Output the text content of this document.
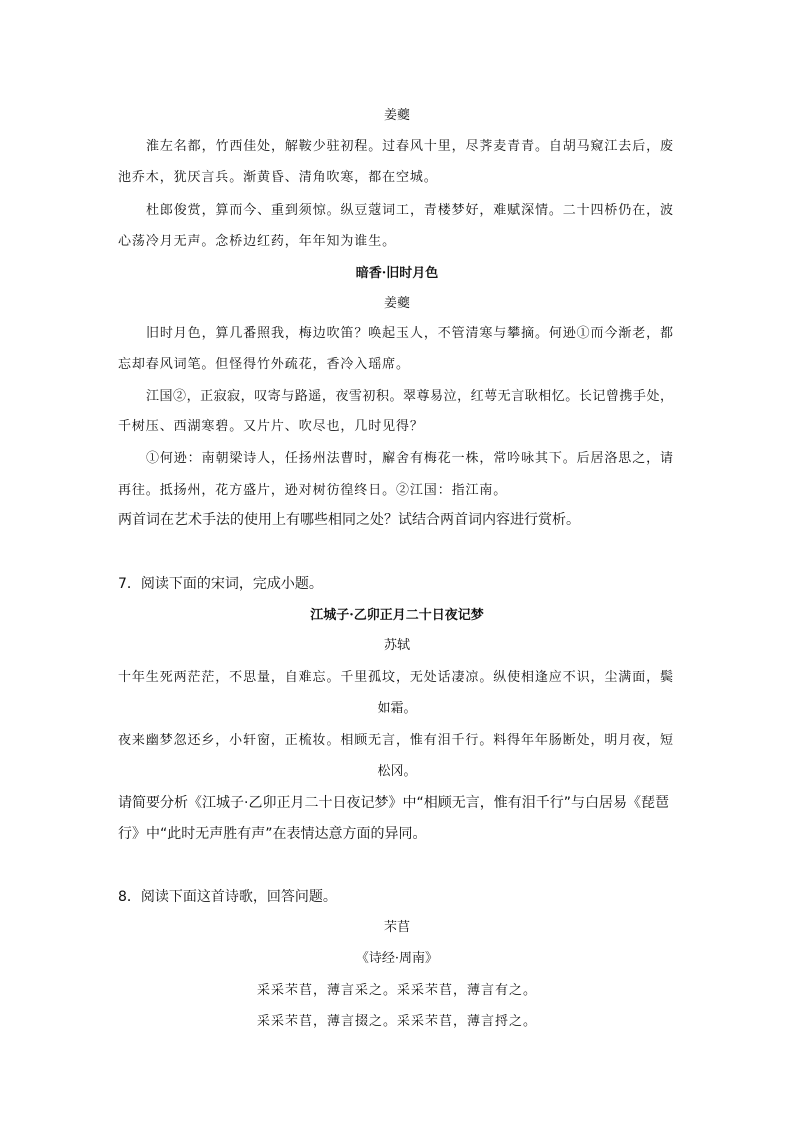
姜夔
淮左名都，竹西佳处，解鞍少驻初程。过春风十里，尽荠麦青青。自胡马窥江去后，废
池乔木，犹厌言兵。渐黄昏、清角吹寒，都在空城。
杜郎俊赏，算而今、重到须惊。纵豆蔻词工，青楼梦好，难赋深情。二十四桥仍在，波
心荡冷月无声。念桥边红药，年年知为谁生。
暗香·旧时月色
姜夔
旧时月色，算几番照我，梅边吹笛？唤起玉人，不管清寒与攀摘。何逊①而今渐老，都
忘却春风词笔。但怪得竹外疏花，香冷入瑶席。
江国②，正寂寂，叹寄与路遥，夜雪初积。翠尊易泣，红萼无言耿相忆。长记曾携手处，
千树压、西湖寒碧。又片片、吹尽也，几时见得？
①何逊：南朝梁诗人，任扬州法曹时，廨舍有梅花一株，常吟咏其下。后居洛思之，请
再往。抵扬州，花方盛片，逊对树彷徨终日。②江国：指江南。
两首词在艺术手法的使用上有哪些相同之处？试结合两首词内容进行赏析。
7．阅读下面的宋词，完成小题。
江城子·乙卯正月二十日夜记梦
苏轼
十年生死两茫茫，不思量，自难忘。千里孤坟，无处话凄凉。纵使相逢应不识，尘满面，鬓
如霜。
夜来幽梦忽还乡，小轩窗，正梳妆。相顾无言，惟有泪千行。料得年年肠断处，明月夜，短
松冈。
请简要分析《江城子·乙卯正月二十日夜记梦》中“相顾无言，惟有泪千行”与白居易《琵琶
行》中“此时无声胜有声”在表情达意方面的异同。
8．阅读下面这首诗歌，回答问题。
芣苢
《诗经·周南》
采采芣苢，薄言采之。采采芣苢，薄言有之。
采采芣苢，薄言掇之。采采芣苢，薄言捋之。
